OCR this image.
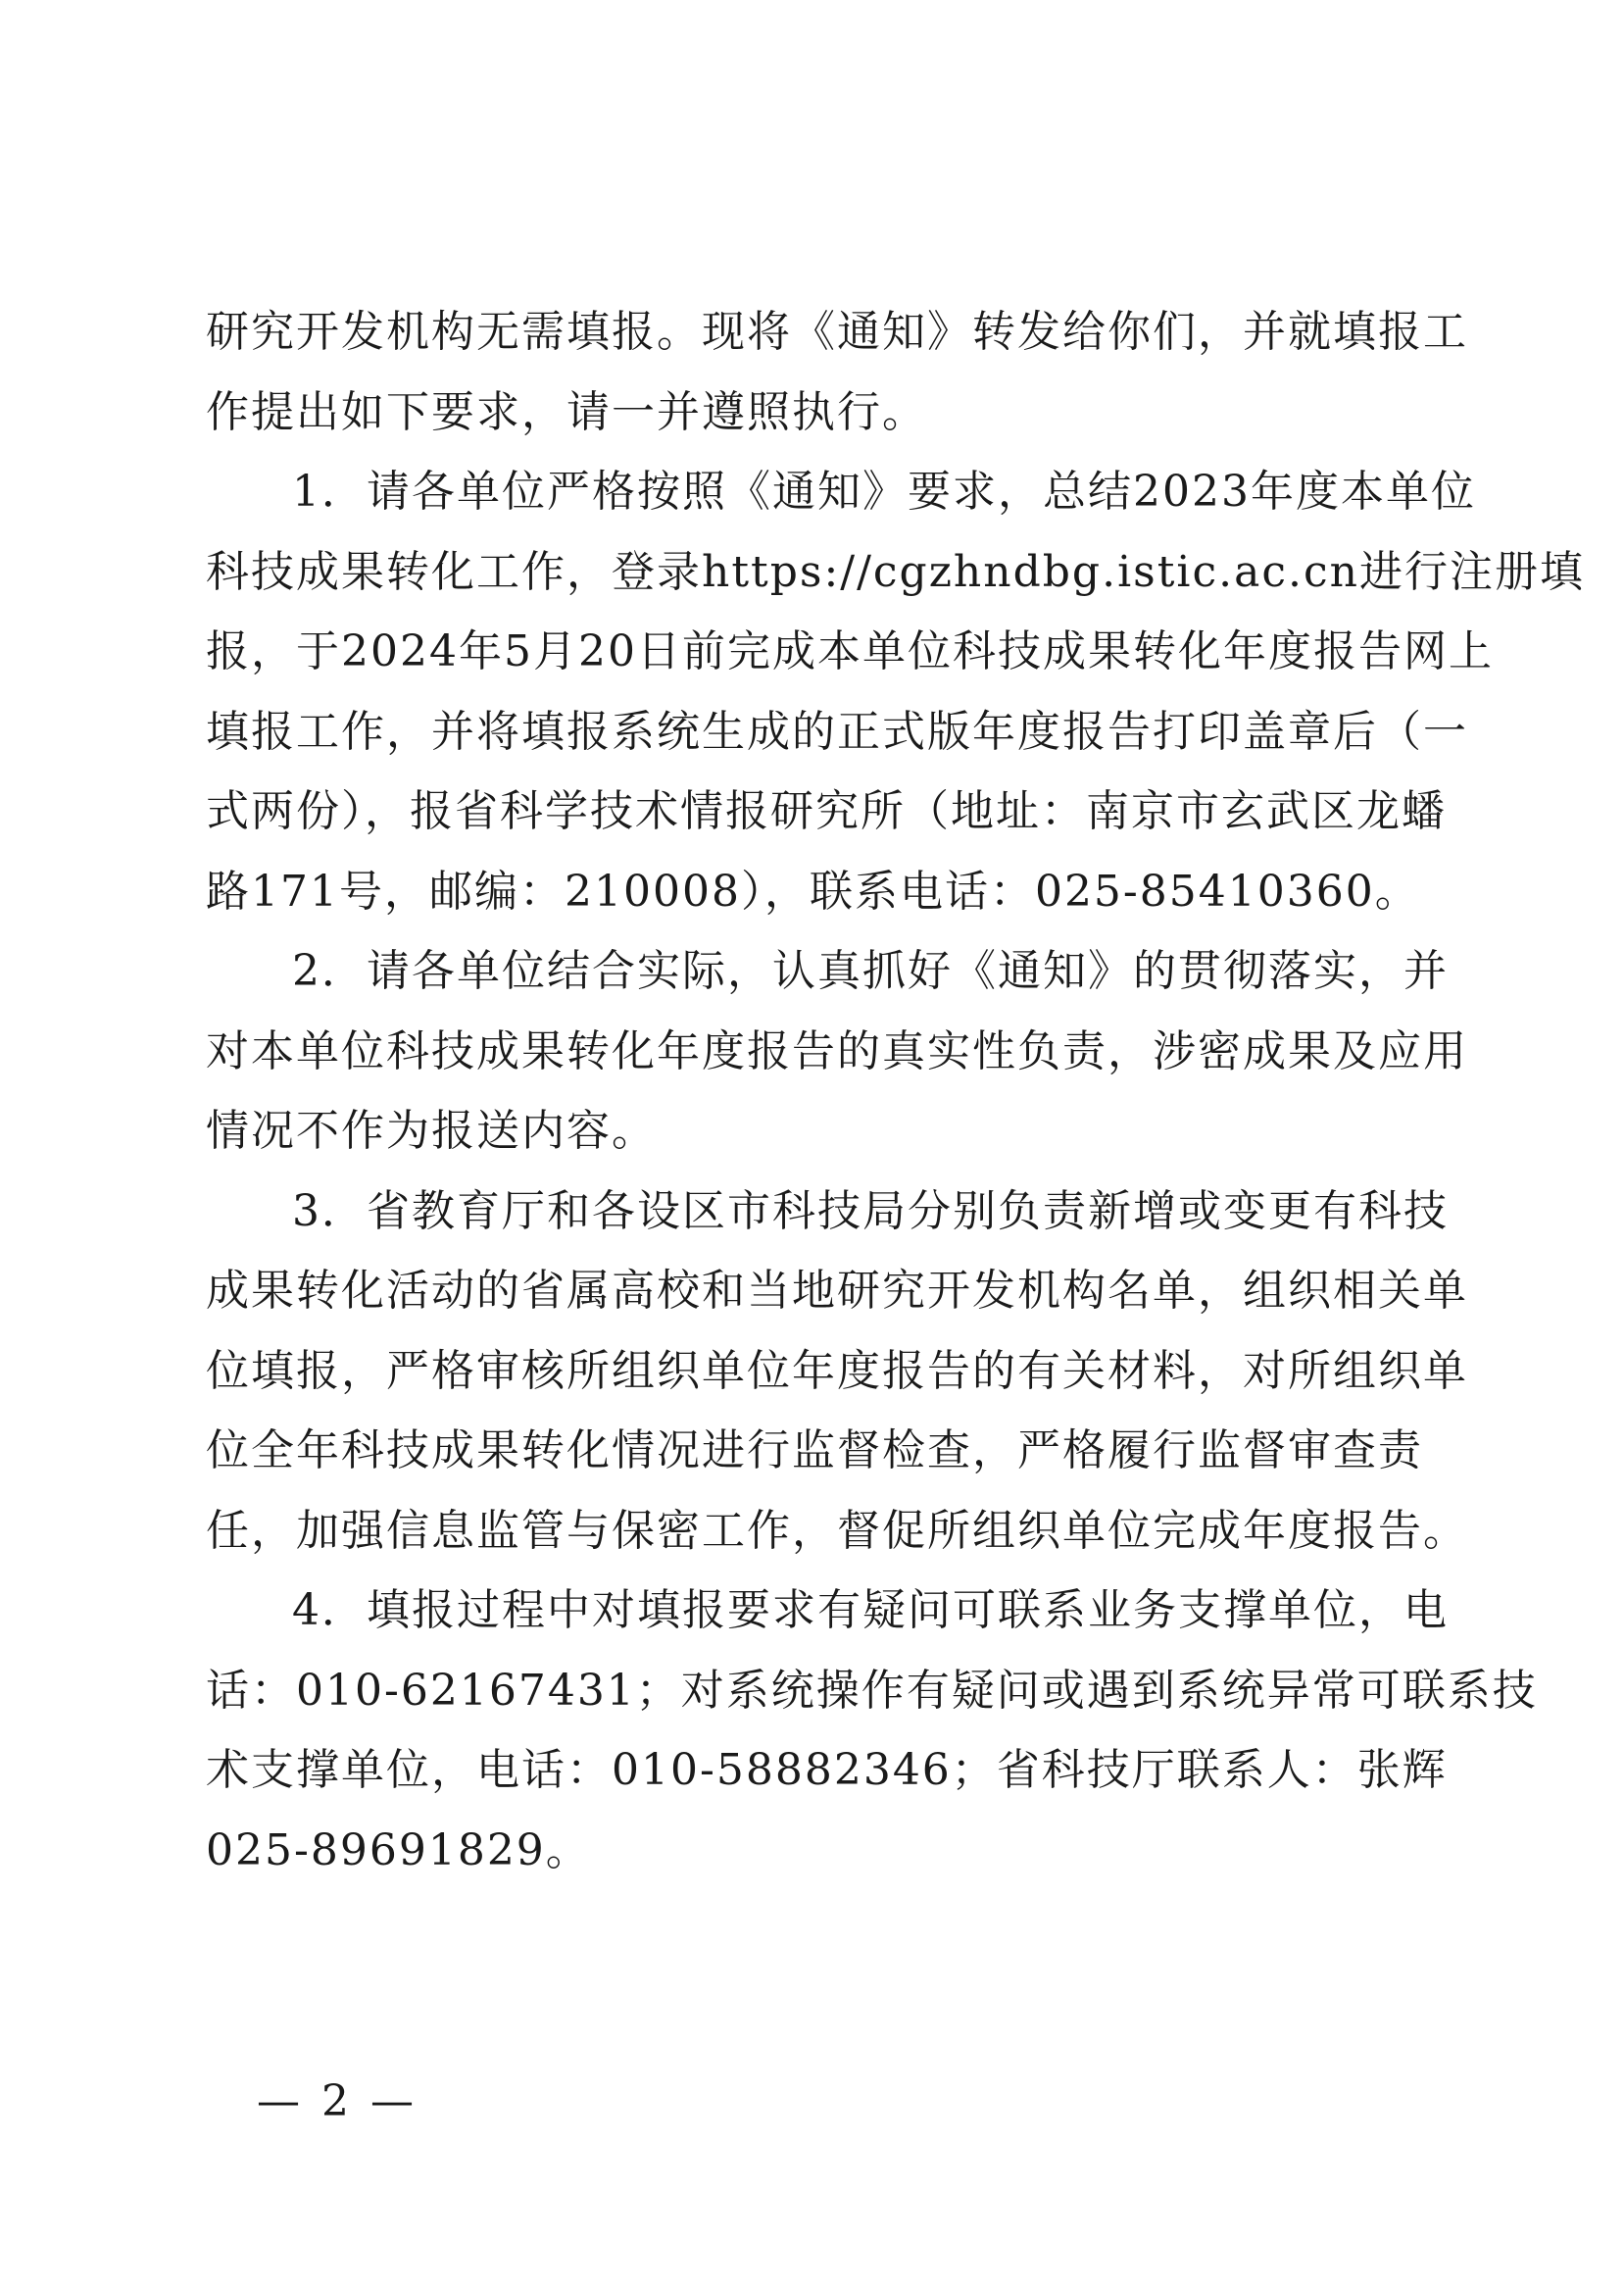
研究开发机构无需填报。现将《通知》转发给你们，并就填报工
作提出如下要求，请一并遵照执行。
1．请各单位严格按照《通知》要求，总结2023年度本单位
科技成果转化工作，登录https://cgzhndbg.istic.ac.cn进行注册填
报，于2024年5月20日前完成本单位科技成果转化年度报告网上
填报工作，并将填报系统生成的正式版年度报告打印盖章后（一
式两份），报省科学技术情报研究所（地址：南京市玄武区龙蟠
路171号，邮编：210008），联系电话：025-85410360。
2．请各单位结合实际，认真抓好《通知》的贯彻落实，并
对本单位科技成果转化年度报告的真实性负责，涉密成果及应用
情况不作为报送内容。
3．省教育厅和各设区市科技局分别负责新增或变更有科技
成果转化活动的省属高校和当地研究开发机构名单，组织相关单
位填报，严格审核所组织单位年度报告的有关材料，对所组织单
位全年科技成果转化情况进行监督检查，严格履行监督审查责
任，加强信息监管与保密工作，督促所组织单位完成年度报告。
4．填报过程中对填报要求有疑问可联系业务支撑单位，电
话：010-62167431；对系统操作有疑问或遇到系统异常可联系技
术支撑单位，电话：010-58882346；省科技厅联系人：张辉
025-89691829。
— 2 —
